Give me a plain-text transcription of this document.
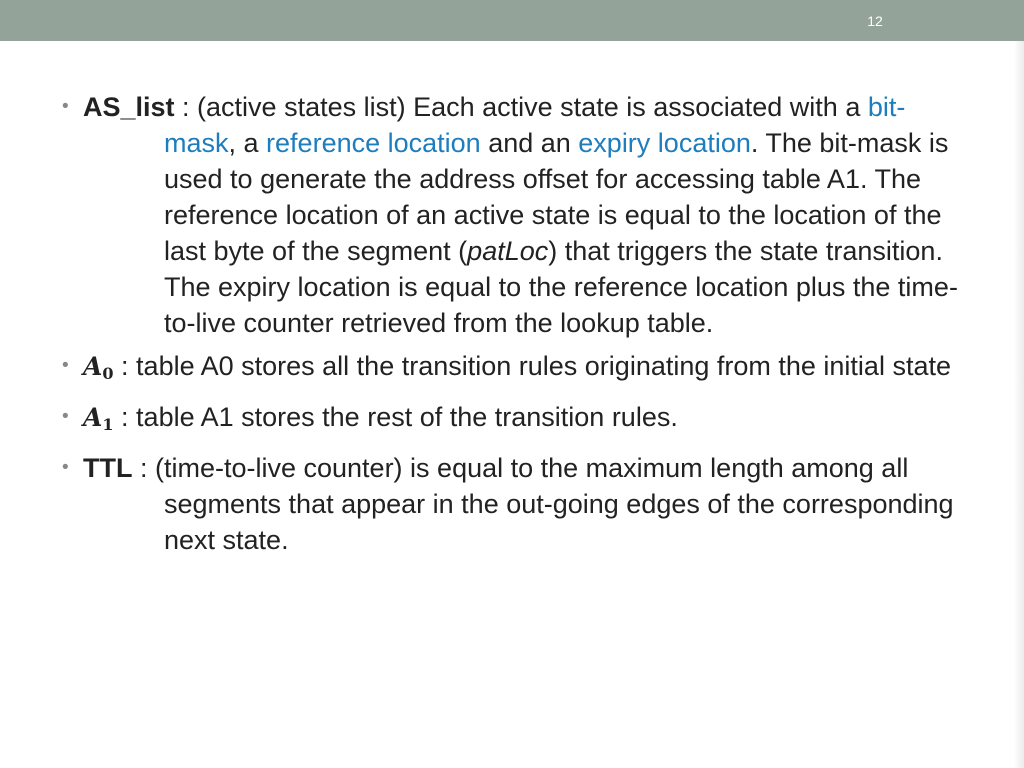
12
• AS_list : (active states list) Each active state is associated with a bit-mask, a reference location and an expiry location. The bit-mask is used to generate the address offset for accessing table A1. The reference location of an active state is equal to the location of the last byte of the segment (patLoc) that triggers the state transition. The expiry location is equal to the reference location plus the time-to-live counter retrieved from the lookup table.

• $A_0$ : table A0 stores all the transition rules originating from the initial state

• $A_1$ : table A1 stores the rest of the transition rules.

• TTL : (time-to-live counter) is equal to the maximum length among all segments that appear in the out-going edges of the corresponding next state.
